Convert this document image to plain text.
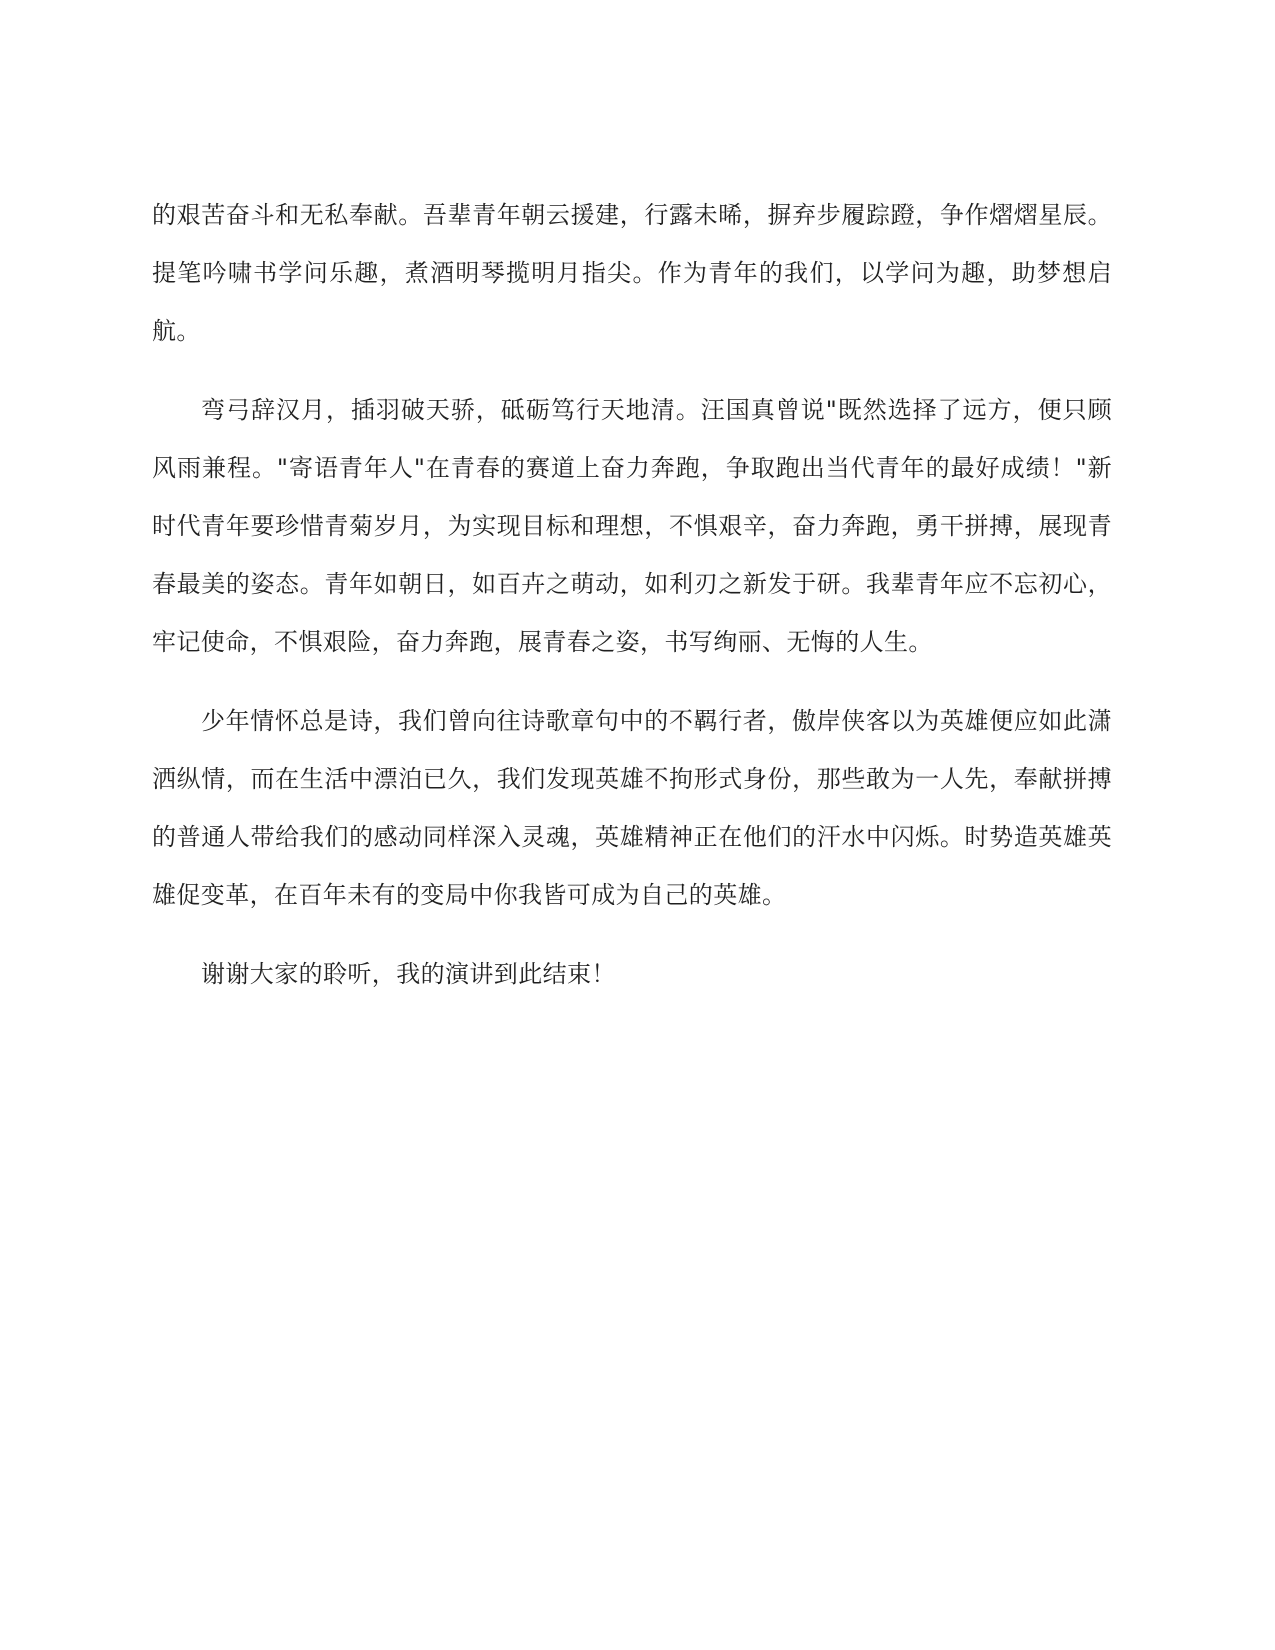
的艰苦奋斗和无私奉献。吾辈青年朝云援建，行露未晞，摒弃步履踪蹬，争作熠熠星辰。提笔吟啸书学问乐趣，煮酒明琴揽明月指尖。作为青年的我们，以学问为趣，助梦想启航。

弯弓辞汉月，插羽破天骄，砥砺笃行天地清。汪国真曾说"既然选择了远方，便只顾风雨兼程。"寄语青年人"在青春的赛道上奋力奔跑，争取跑出当代青年的最好成绩！"新时代青年要珍惜青菊岁月，为实现目标和理想，不惧艰辛，奋力奔跑，勇干拼搏，展现青春最美的姿态。青年如朝日，如百卉之萌动，如利刃之新发于研。我辈青年应不忘初心，牢记使命，不惧艰险，奋力奔跑，展青春之姿，书写绚丽、无悔的人生。

少年情怀总是诗，我们曾向往诗歌章句中的不羁行者，傲岸侠客以为英雄便应如此潇洒纵情，而在生活中漂泊已久，我们发现英雄不拘形式身份，那些敢为一人先，奉献拼搏的普通人带给我们的感动同样深入灵魂，英雄精神正在他们的汗水中闪烁。时势造英雄英雄促变革，在百年未有的变局中你我皆可成为自己的英雄。

谢谢大家的聆听，我的演讲到此结束！
